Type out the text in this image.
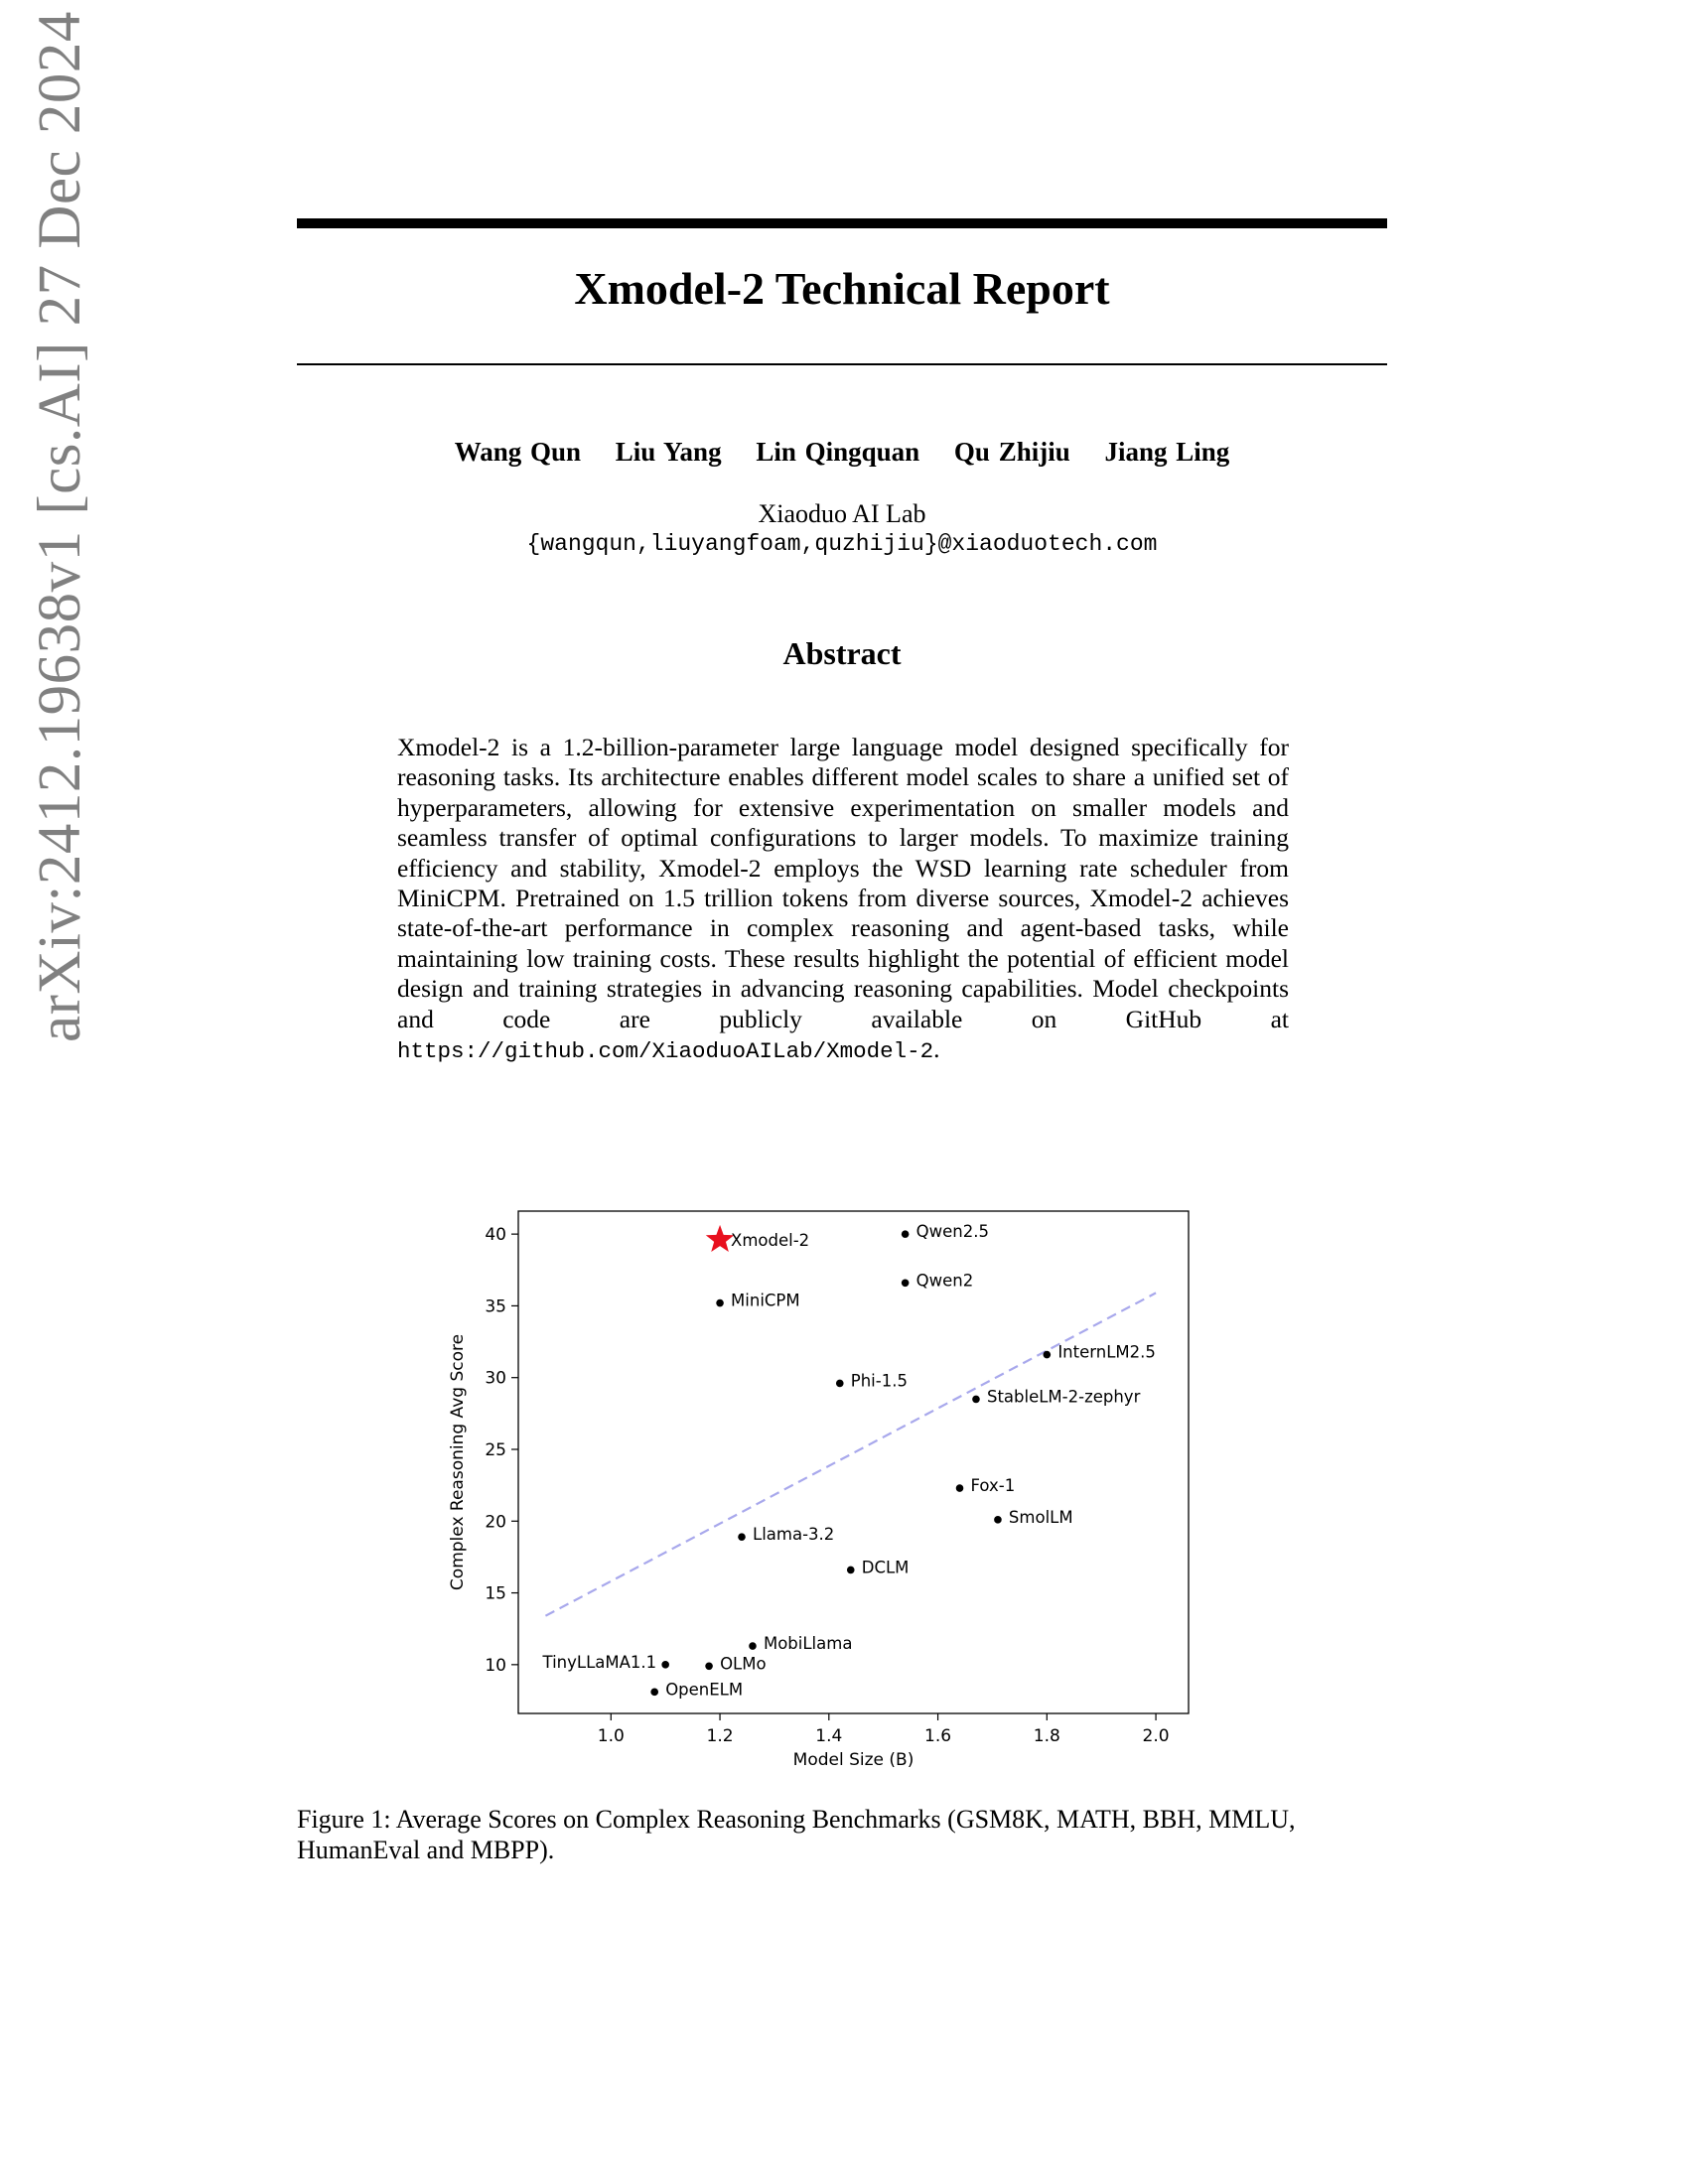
arXiv:2412.19638v1 [cs.AI] 27 Dec 2024	Xmodel-2 Technical Report
Wang Qun Liu Yang Lin Qingquan Qu Zhijiu Jiang Ling
Xiaoduo AI Lab
{wangqun,liuyangfoam,quzhijiu}@xiaoduotech.com
Abstract
Xmodel-2 is a 1.2-billion-parameter large language model designed specifically for reasoning tasks. Its architecture enables different model scales to share a unified set of hyperparameters, allowing for extensive experimentation on smaller models and seamless transfer of optimal configurations to larger models. To maximize training efficiency and stability, Xmodel-2 employs the WSD learning rate scheduler from MiniCPM. Pretrained on 1.5 trillion tokens from diverse sources, Xmodel-2 achieves state-of-the-art performance in complex reasoning and agent-based tasks, while maintaining low training costs. These results highlight the potential of efficient model design and training strategies in advancing reasoning capabilities. Model checkpoints and code are publicly available on GitHub at https://github.com/XiaoduoAILab/Xmodel-2.
1.0	1.2	1.4	1.6	1.8	2.0
10
15
20
25
30
35
40
Model Size (B)
Complex Reasoning Avg Score
Xmodel-2	Qwen2.5
Qwen2
MiniCPM
InternLM2.5
Phi-1.5
StableLM-2-zephyr
Fox-1
SmolLM
Llama-3.2
DCLM
MobiLlama
TinyLLaMA1.1	OLMo
OpenELM
Figure 1: Average Scores on Complex Reasoning Benchmarks (GSM8K, MATH, BBH, MMLU, HumanEval and MBPP).
